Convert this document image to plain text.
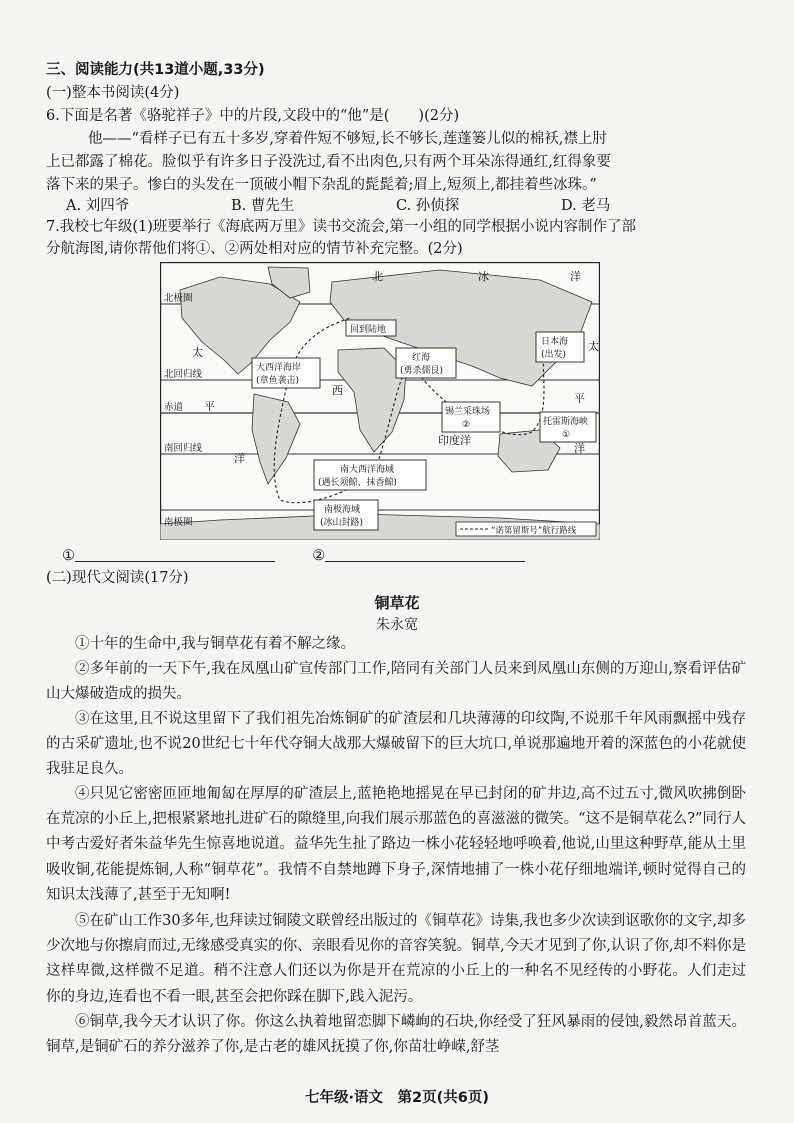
三、阅读能力(共13道小题,33分)
(一)整本书阅读(4分)
6.下面是名著《骆驼祥子》中的片段,文段中的“他”是(　　)(2分)
他——“看样子已有五十多岁,穿着件短不够短,长不够长,莲蓬篓儿似的棉袄,襟上肘
上已都露了棉花。脸似乎有许多日子没洗过,看不出肉色,只有两个耳朵冻得通红,红得象要
落下来的果子。惨白的头发在一顶破小帽下杂乱的髭髭着;眉上,短须上,都挂着些冰珠。”
A. 刘四爷	B. 曹先生	C. 孙侦探	D. 老马
7.我校七年级(1)班要举行《海底两万里》读书交流会,第一小组的同学根据小说内容制作了部
分航海图,请你帮他们将①、②两处相对应的情节补充完整。(2分)
北极圈
北回归线
赤道
南回归线
南极圈
北	冰	洋
太
平
洋
太
西
平
洋
印度洋
回到陆地
日本海
(出发)
大西洋海岸
(章鱼袭击)
红海
(勇杀儒艮)
锡兰采珠场
②	托雷斯海峡
①
南大西洋海域
(遇长须鲸、抹香鲸)
南极海域
(冰山封路)
“诺第留斯号”航行路线
①	②
(二)现代文阅读(17分)
铜草花
朱永宽
①十年的生命中,我与铜草花有着不解之缘。
②多年前的一天下午,我在凤凰山矿宣传部门工作,陪同有关部门人员来到凤凰山东侧的万迎山,察看评估矿山大爆破造成的损失。
③在这里,且不说这里留下了我们祖先冶炼铜矿的矿渣层和几块薄薄的印纹陶,不说那千年风雨飘摇中残存的古采矿遗址,也不说20世纪七十年代夺铜大战那大爆破留下的巨大坑口,单说那遍地开着的深蓝色的小花就使我驻足良久。
④只见它密密匝匝地匍匐在厚厚的矿渣层上,蓝艳艳地摇晃在早已封闭的矿井边,高不过五寸,微风吹拂倒卧在荒凉的小丘上,把根紧紧地扎进矿石的隙缝里,向我们展示那蓝色的喜滋滋的微笑。“这不是铜草花么?”同行人中考古爱好者朱益华先生惊喜地说道。益华先生扯了路边一株小花轻轻地呼唤着,他说,山里这种野草,能从土里吸收铜,花能提炼铜,人称“铜草花”。我情不自禁地蹲下身子,深情地捕了一株小花仔细地端详,顿时觉得自己的知识太浅薄了,甚至于无知啊!
⑤在矿山工作30多年,也拜读过铜陵文联曾经出版过的《铜草花》诗集,我也多少次读到讴歌你的文字,却多少次地与你擦肩而过,无缘感受真实的你、亲眼看见你的音容笑貌。铜草,今天才见到了你,认识了你,却不料你是这样卑微,这样微不足道。稍不注意人们还以为你是开在荒凉的小丘上的一种名不见经传的小野花。人们走过你的身边,连看也不看一眼,甚至会把你踩在脚下,践入泥污。
⑥铜草,我今天才认识了你。你这么执着地留恋脚下嶙峋的石块,你经受了狂风暴雨的侵蚀,毅然昂首蓝天。铜草,是铜矿石的养分滋养了你,是古老的雄风抚摸了你,你苗壮峥嵘,舒茎
七年级·语文　第2页(共6页)
